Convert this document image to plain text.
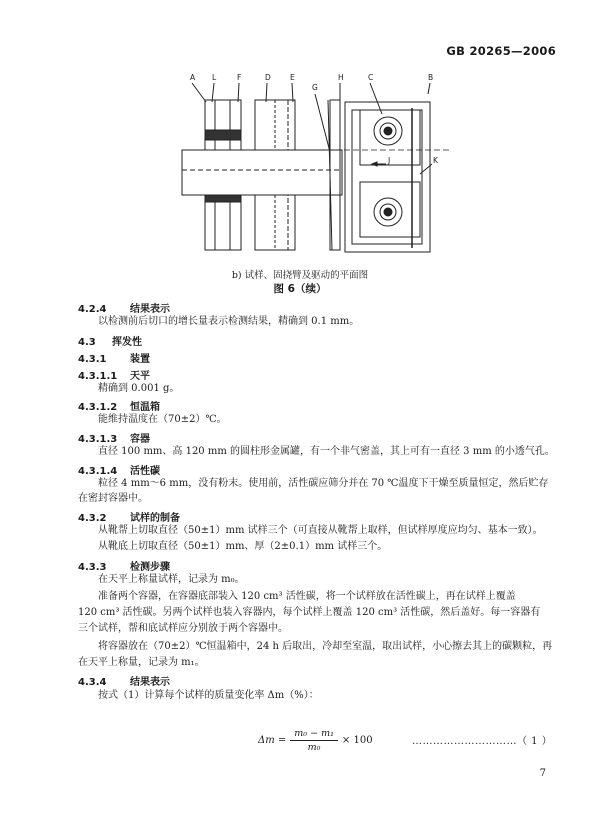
GB 20265—2006
A L	F	D	E
G
H	C	B
J	K
b) 试样、固挠臂及驱动的平面图
图 6（续）
4.2.4 结果表示
以检测前后切口的增长量表示检测结果，精确到 0.1 mm。
4.3 挥发性
4.3.1 装置
4.3.1.1 天平
精确到 0.001 g。
4.3.1.2 恒温箱
能维持温度在（70±2）℃。
4.3.1.3 容器
直径 100 mm、高 120 mm 的圆柱形金属罐，有一个非气密盖，其上可有一直径 3 mm 的小透气孔。
4.3.1.4 活性碳
粒径 4 mm～6 mm，没有粉末。使用前，活性碳应筛分并在 70 ℃温度下干燥至质量恒定，然后贮存
在密封容器中。
4.3.2 试样的制备
从靴帮上切取直径（50±1）mm 试样三个（可直接从靴帮上取样，但试样厚度应均匀、基本一致）。
从靴底上切取直径（50±1）mm、厚（2±0.1）mm 试样三个。
4.3.3 检测步骤
在天平上称量试样，记录为 m₀。
准备两个容器，在容器底部装入 120 cm³ 活性碳，将一个试样放在活性碳上，再在试样上覆盖
120 cm³ 活性碳。另两个试样也装入容器内，每个试样上覆盖 120 cm³ 活性碳，然后盖好。每一容器有
三个试样，帮和底试样应分别放于两个容器中。
将容器放在（70±2）℃恒温箱中，24 h 后取出，冷却至室温，取出试样，小心擦去其上的碳颗粒，再
在天平上称量，记录为 m₁。
4.3.4 结果表示
按式（1）计算每个试样的质量变化率 Δm（%）：
$\Delta m = \frac{\text{m₀ − m₁}}{\text{m₀}} \times 100$	…………………………（ 1 ）
7
